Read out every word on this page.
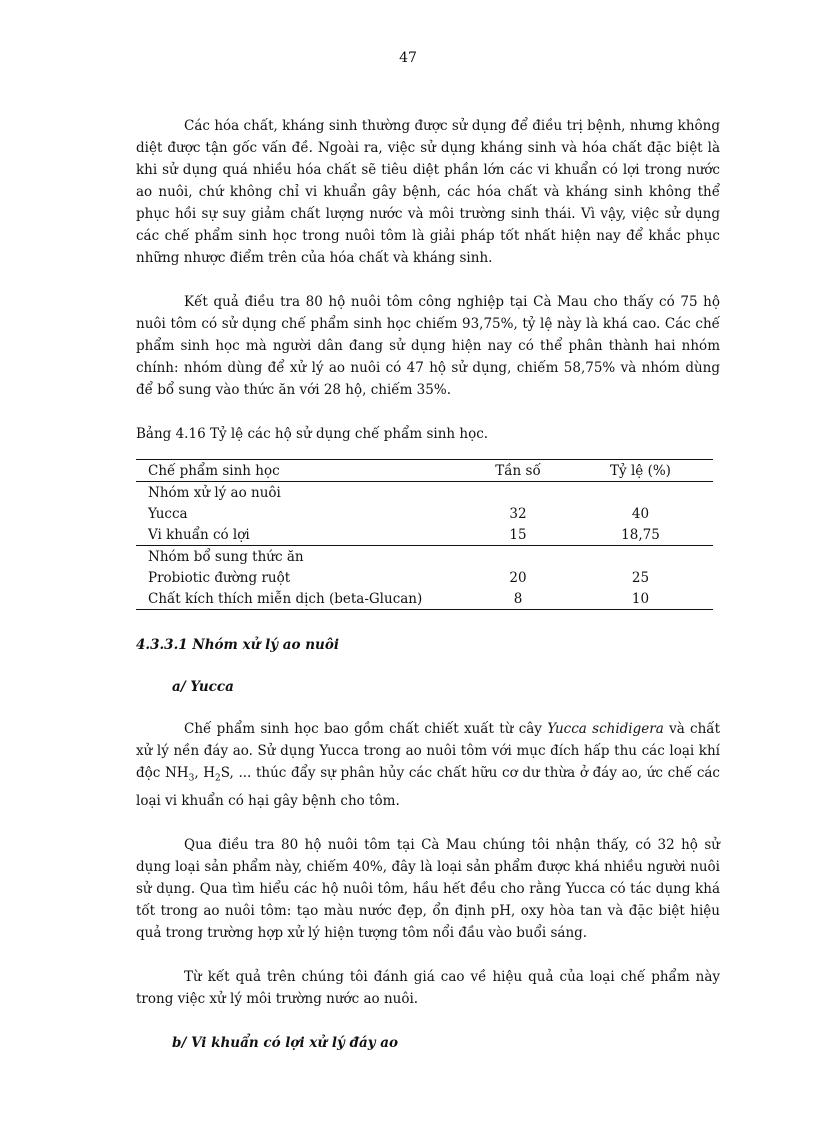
47

Các hóa chất, kháng sinh thường được sử dụng để điều trị bệnh, nhưng không diệt được tận gốc vấn đề. Ngoài ra, việc sử dụng kháng sinh và hóa chất đặc biệt là khi sử dụng quá nhiều hóa chất sẽ tiêu diệt phần lớn các vi khuẩn có lợi trong nước ao nuôi, chứ không chỉ vi khuẩn gây bệnh, các hóa chất và kháng sinh không thể phục hồi sự suy giảm chất lượng nước và môi trường sinh thái. Vì vậy, việc sử dụng các chế phẩm sinh học trong nuôi tôm là giải pháp tốt nhất hiện nay để khắc phục những nhược điểm trên của hóa chất và kháng sinh.

Kết quả điều tra 80 hộ nuôi tôm công nghiệp tại Cà Mau cho thấy có 75 hộ nuôi tôm có sử dụng chế phẩm sinh học chiếm 93,75%, tỷ lệ này là khá cao. Các chế phẩm sinh học mà người dân đang sử dụng hiện nay có thể phân thành hai nhóm chính: nhóm dùng để xử lý ao nuôi có 47 hộ sử dụng, chiếm 58,75% và nhóm dùng để bổ sung vào thức ăn với 28 hộ, chiếm 35%.

Bảng 4.16 Tỷ lệ các hộ sử dụng chế phẩm sinh học.
Chế phẩm sinh học	Tần số	Tỷ lệ (%)
Nhóm xử lý ao nuôi		
Yucca	32	40
Vi khuẩn có lợi	15	18,75
Nhóm bổ sung thức ăn		
Probiotic đường ruột	20	25
Chất kích thích miễn dịch (beta-Glucan)	8	10
4.3.3.1 Nhóm xử lý ao nuôi
a/ Yucca

Chế phẩm sinh học bao gồm chất chiết xuất từ cây Yucca schidigera và chất xử lý nền đáy ao. Sử dụng Yucca trong ao nuôi tôm với mục đích hấp thu các loại khí độc $NH_3$, $H_2S$, ... thúc đẩy sự phân hủy các chất hữu cơ dư thừa ở đáy ao, ức chế các loại vi khuẩn có hại gây bệnh cho tôm.

Qua điều tra 80 hộ nuôi tôm tại Cà Mau chúng tôi nhận thấy, có 32 hộ sử dụng loại sản phẩm này, chiếm 40%, đây là loại sản phẩm được khá nhiều người nuôi sử dụng. Qua tìm hiểu các hộ nuôi tôm, hầu hết đều cho rằng Yucca có tác dụng khá tốt trong ao nuôi tôm: tạo màu nước đẹp, ổn định pH, oxy hòa tan và đặc biệt hiệu quả trong trường hợp xử lý hiện tượng tôm nổi đầu vào buổi sáng.

Từ kết quả trên chúng tôi đánh giá cao về hiệu quả của loại chế phẩm này trong việc xử lý môi trường nước ao nuôi.

b/ Vi khuẩn có lợi xử lý đáy ao
